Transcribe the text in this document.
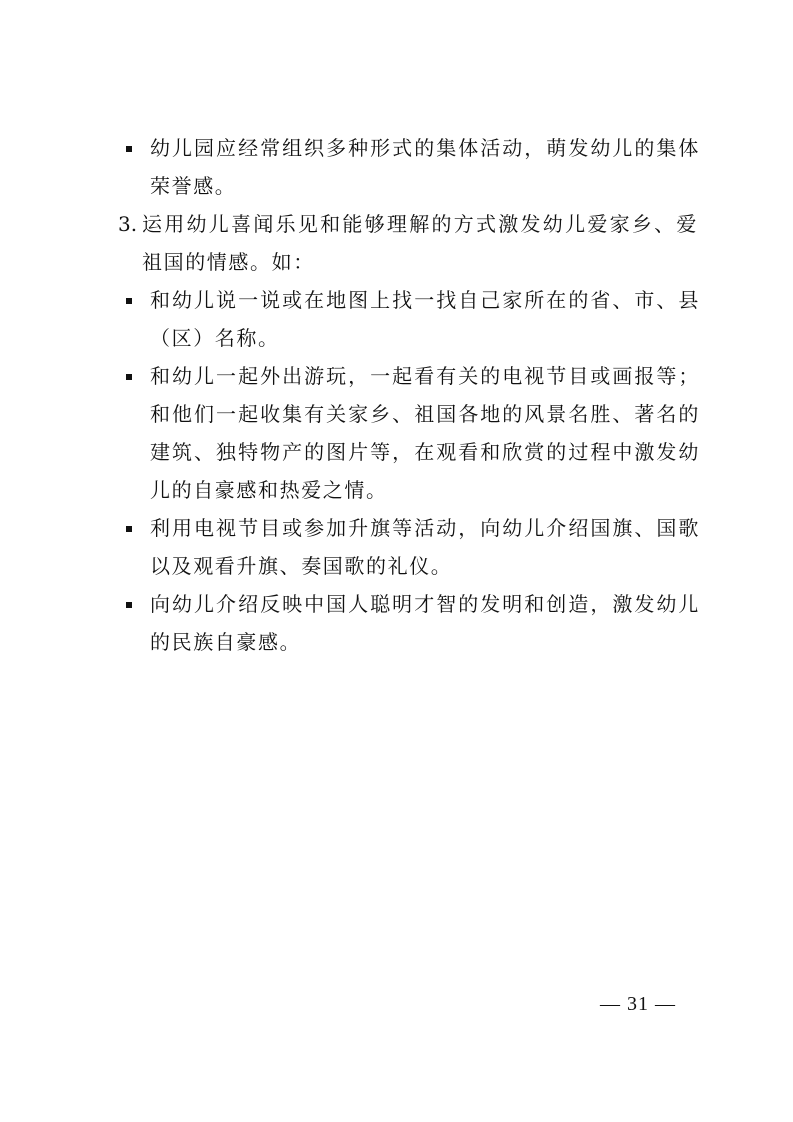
幼儿园应经常组织多种形式的集体活动，萌发幼儿的集体荣誉感。
3. 运用幼儿喜闻乐见和能够理解的方式激发幼儿爱家乡、爱祖国的情感。如：
和幼儿说一说或在地图上找一找自己家所在的省、市、县（区）名称。
和幼儿一起外出游玩，一起看有关的电视节目或画报等；和他们一起收集有关家乡、祖国各地的风景名胜、著名的建筑、独特物产的图片等，在观看和欣赏的过程中激发幼儿的自豪感和热爱之情。
利用电视节目或参加升旗等活动，向幼儿介绍国旗、国歌以及观看升旗、奏国歌的礼仪。
向幼儿介绍反映中国人聪明才智的发明和创造，激发幼儿的民族自豪感。
— 31 —
